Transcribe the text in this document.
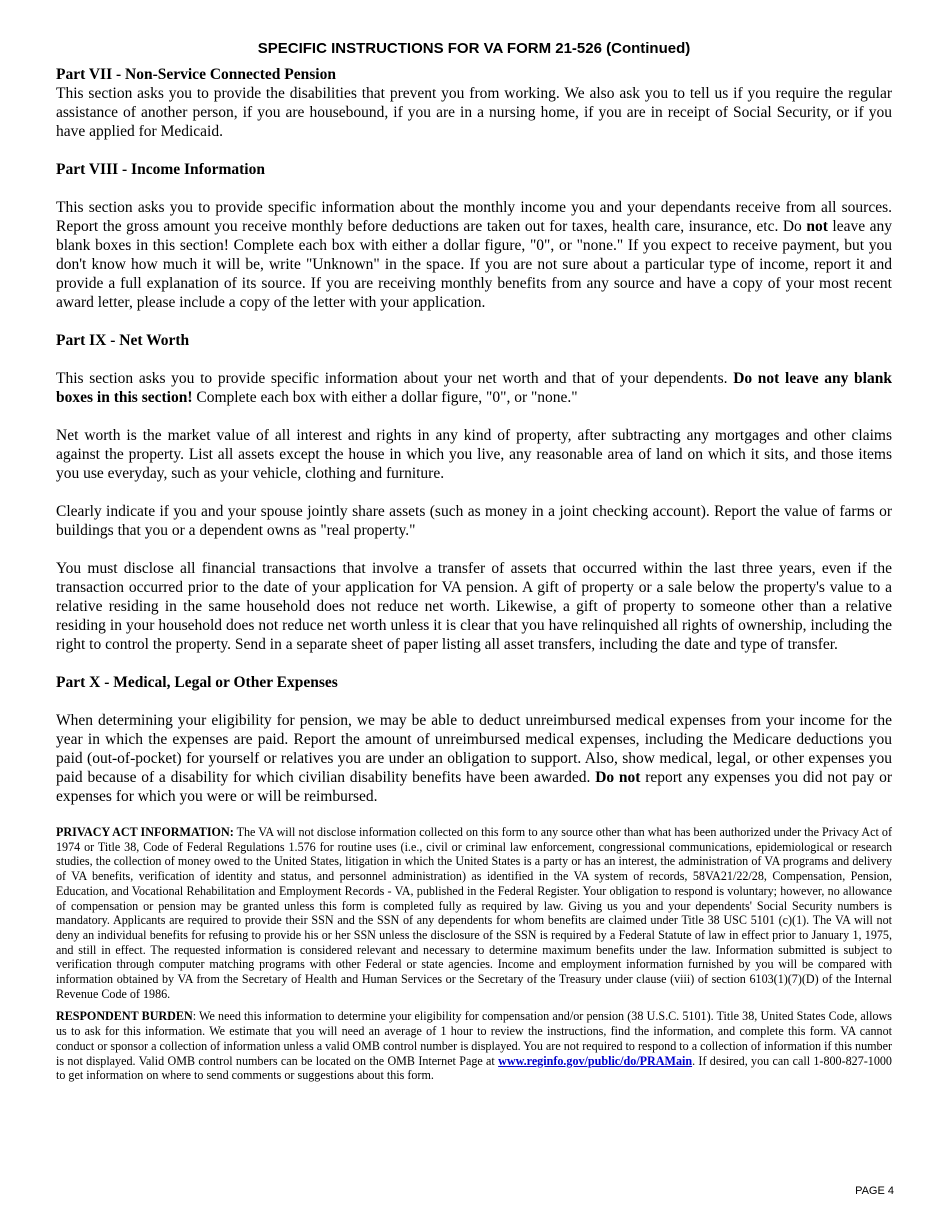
SPECIFIC INSTRUCTIONS FOR VA FORM 21-526 (Continued)
Part VII - Non-Service Connected Pension

This section asks you to provide the disabilities that prevent you from working. We also ask you to tell us if you require the regular assistance of another person, if you are housebound, if you are in a nursing home, if you are in receipt of Social Security, or if you have applied for Medicaid.

Part VIII - Income Information

This section asks you to provide specific information about the monthly income you and your dependants receive from all sources. Report the gross amount you receive monthly before deductions are taken out for taxes, health care, insurance, etc. Do not leave any blank boxes in this section! Complete each box with either a dollar figure, "0", or "none." If you expect to receive payment, but you don't know how much it will be, write "Unknown" in the space. If you are not sure about a particular type of income, report it and provide a full explanation of its source. If you are receiving monthly benefits from any source and have a copy of your most recent award letter, please include a copy of the letter with your application.

Part IX - Net Worth

This section asks you to provide specific information about your net worth and that of your dependents. Do not leave any blank boxes in this section! Complete each box with either a dollar figure, "0", or "none."

Net worth is the market value of all interest and rights in any kind of property, after subtracting any mortgages and other claims against the property. List all assets except the house in which you live, any reasonable area of land on which it sits, and those items you use everyday, such as your vehicle, clothing and furniture.

Clearly indicate if you and your spouse jointly share assets (such as money in a joint checking account). Report the value of farms or buildings that you or a dependent owns as "real property."

You must disclose all financial transactions that involve a transfer of assets that occurred within the last three years, even if the transaction occurred prior to the date of your application for VA pension. A gift of property or a sale below the property's value to a relative residing in the same household does not reduce net worth. Likewise, a gift of property to someone other than a relative residing in your household does not reduce net worth unless it is clear that you have relinquished all rights of ownership, including the right to control the property. Send in a separate sheet of paper listing all asset transfers, including the date and type of transfer.

Part X - Medical, Legal or Other Expenses

When determining your eligibility for pension, we may be able to deduct unreimbursed medical expenses from your income for the year in which the expenses are paid. Report the amount of unreimbursed medical expenses, including the Medicare deductions you paid (out-of-pocket) for yourself or relatives you are under an obligation to support. Also, show medical, legal, or other expenses you paid because of a disability for which civilian disability benefits have been awarded. Do not report any expenses you did not pay or expenses for which you were or will be reimbursed.

PRIVACY ACT INFORMATION: The VA will not disclose information collected on this form to any source other than what has been authorized under the Privacy Act of 1974 or Title 38, Code of Federal Regulations 1.576 for routine uses (i.e., civil or criminal law enforcement, congressional communications, epidemiological or research studies, the collection of money owed to the United States, litigation in which the United States is a party or has an interest, the administration of VA programs and delivery of VA benefits, verification of identity and status, and personnel administration) as identified in the VA system of records, 58VA21/22/28, Compensation, Pension, Education, and Vocational Rehabilitation and Employment Records - VA, published in the Federal Register. Your obligation to respond is voluntary; however, no allowance of compensation or pension may be granted unless this form is completed fully as required by law. Giving us you and your dependents' Social Security numbers is mandatory. Applicants are required to provide their SSN and the SSN of any dependents for whom benefits are claimed under Title 38 USC 5101 (c)(1). The VA will not deny an individual benefits for refusing to provide his or her SSN unless the disclosure of the SSN is required by a Federal Statute of law in effect prior to January 1, 1975, and still in effect. The requested information is considered relevant and necessary to determine maximum benefits under the law. Information submitted is subject to verification through computer matching programs with other Federal or state agencies. Income and employment information furnished by you will be compared with information obtained by VA from the Secretary of Health and Human Services or the Secretary of the Treasury under clause (viii) of section 6103(1)(7)(D) of the Internal Revenue Code of 1986.

RESPONDENT BURDEN: We need this information to determine your eligibility for compensation and/or pension (38 U.S.C. 5101). Title 38, United States Code, allows us to ask for this information. We estimate that you will need an average of 1 hour to review the instructions, find the information, and complete this form. VA cannot conduct or sponsor a collection of information unless a valid OMB control number is displayed. You are not required to respond to a collection of information if this number is not displayed. Valid OMB control numbers can be located on the OMB Internet Page at www.reginfo.gov/public/do/PRAMain. If desired, you can call 1-800-827-1000 to get information on where to send comments or suggestions about this form.

PAGE 4
